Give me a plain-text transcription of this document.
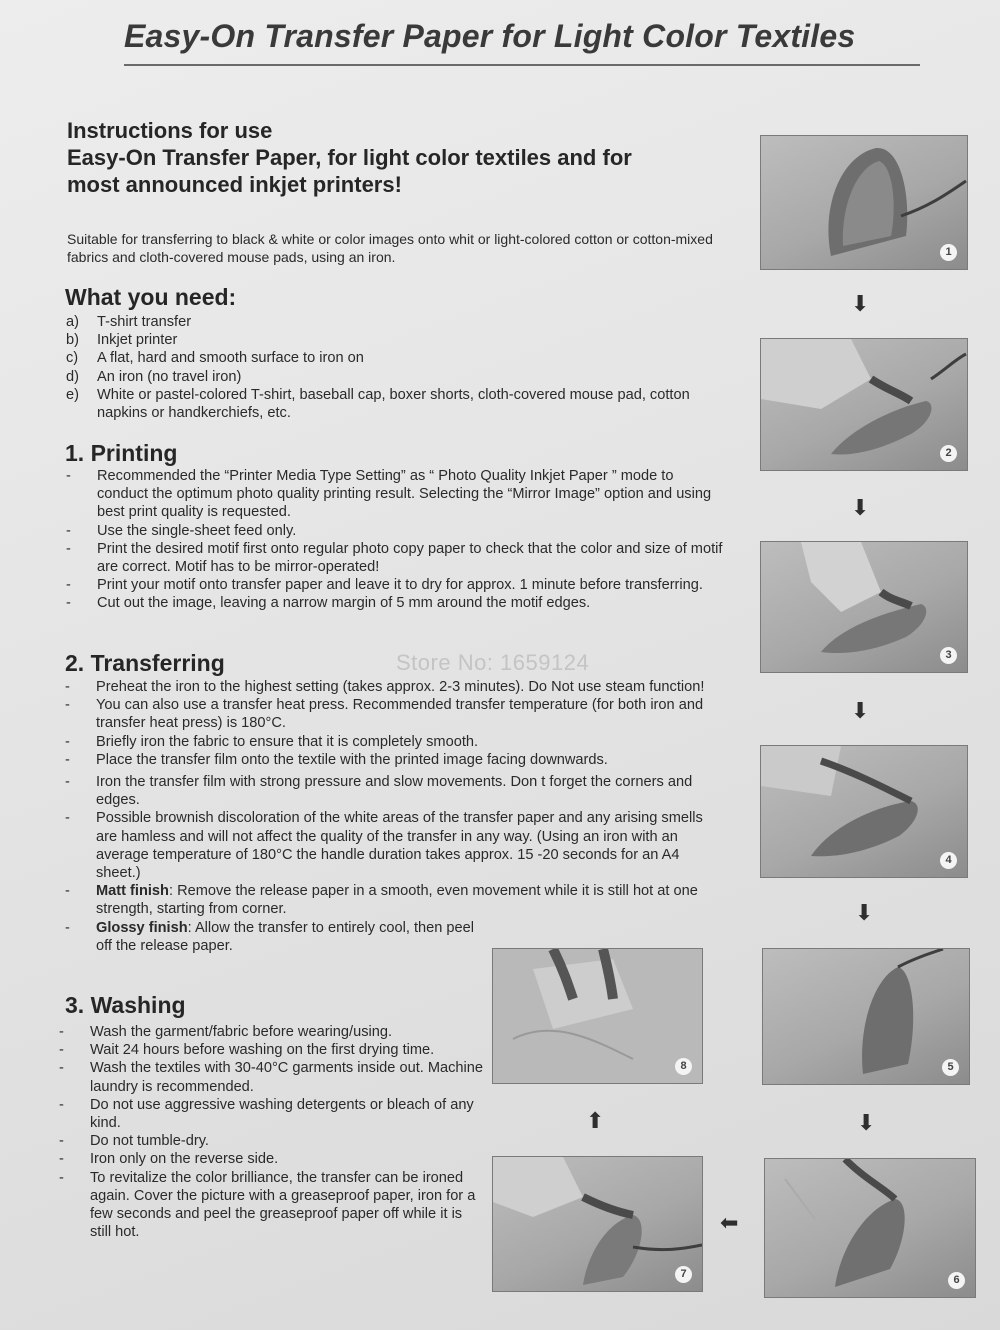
Easy-On Transfer Paper for Light Color Textiles
Instructions for use
Easy-On Transfer Paper, for light color textiles and for
most announced inkjet printers!
Suitable for transferring to black & white or color images onto whit or light-colored cotton or cotton-mixed fabrics and cloth-covered mouse pads, using an iron.
What you need:
a)	T-shirt transfer
b)	Inkjet printer
c)	A flat, hard and smooth surface to iron on
d)	An iron (no travel iron)
e)	White or pastel-colored T-shirt, baseball cap, boxer shorts, cloth-covered mouse pad, cotton napkins or handkerchiefs, etc.
1. Printing
-	Recommended the “Printer Media Type Setting” as “ Photo Quality Inkjet Paper ” mode to conduct the optimum photo quality printing result. Selecting the “Mirror Image” option and using best print quality is requested.
-	Use the single-sheet feed only.
-	Print the desired motif first onto regular photo copy paper to check that the color and size of motif are correct. Motif has to be mirror-operated!
-	Print your motif onto transfer paper and leave it to dry for approx. 1 minute before transferring.
-	Cut out the image, leaving a narrow margin of 5 mm around the motif edges.
2. Transferring	Store No: 1659124
-	Preheat the iron to the highest setting (takes approx. 2-3 minutes). Do Not use steam function!
-	You can also use a transfer heat press. Recommended transfer temperature (for both iron and transfer heat press) is 180°C.
-	Briefly iron the fabric to ensure that it is completely smooth.
-	Place the transfer film onto the textile with the printed image facing downwards.
-	Iron the transfer film with strong pressure and slow movements. Don t forget the corners and edges.
-	Possible brownish discoloration of the white areas of the transfer paper and any arising smells are hamless and will not affect the quality of the transfer in any way. (Using an iron with an average temperature of 180°C the handle duration takes approx. 15 -20 seconds for an A4 sheet.)
-	Matt finish: Remove the release paper in a smooth, even movement while it is still hot at one strength, starting from corner.
-	Glossy finish: Allow the transfer to entirely cool, then peel off the release paper.
3. Washing
-	Wash the garment/fabric before wearing/using.
-	Wait 24 hours before washing on the first drying time.
-	Wash the textiles with 30-40°C garments inside out. Machine laundry is recommended.
-	Do not use aggressive washing detergents or bleach of any kind.
-	Do not tumble-dry.
-	Iron only on the reverse side.
-	To revitalize the color brilliance, the transfer can be ironed again. Cover the picture with a greaseproof paper, iron for a few seconds and peel the greaseproof paper off while it is still hot.
1
⬇
2
⬇
3
⬇
4
⬇
5
⬇
6
⬅
7
⬆
8
